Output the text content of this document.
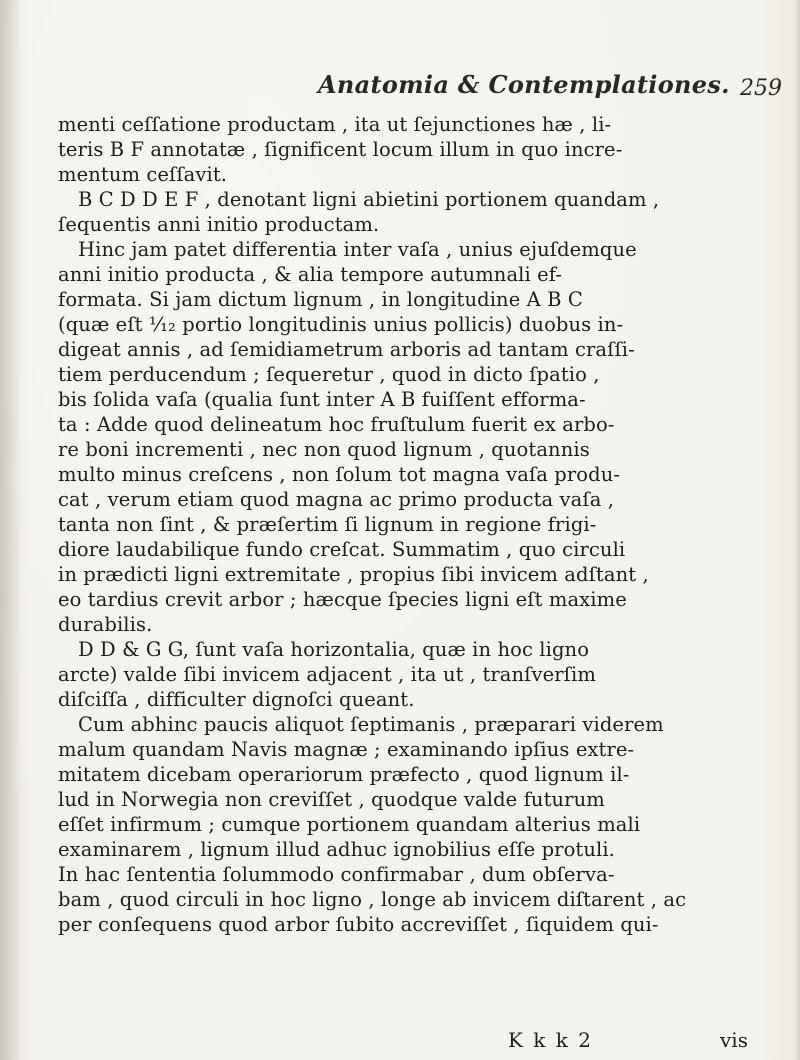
Anatomia & Contemplationes. 259
menti ceſſatione productam , ita ut ſejunctiones hæ , li-
teris B F annotatæ , ſignificent locum illum in quo incre-
mentum ceſſavit.
B C D D E F , denotant ligni abietini portionem quandam ,
ſequentis anni initio productam.
Hinc jam patet differentia inter vaſa , unius ejuſdemque
anni initio producta , & alia tempore autumnali ef-
formata. Si jam dictum lignum , in longitudine A B C
(quæ eſt ¹⁄₁₂ portio longitudinis unius pollicis) duobus in-
digeat annis , ad ſemidiametrum arboris ad tantam craſſi-
tiem perducendum ; ſequeretur , quod in dicto ſpatio ,
bis ſolida vaſa (qualia ſunt inter A B fuiſſent efforma-
ta : Adde quod delineatum hoc fruſtulum fuerit ex arbo-
re boni incrementi , nec non quod lignum , quotannis
multo minus creſcens , non ſolum tot magna vaſa produ-
cat , verum etiam quod magna ac primo producta vaſa ,
tanta non ſint , & præſertim ſi lignum in regione frigi-
diore laudabilique fundo creſcat. Summatim , quo circuli
in prædicti ligni extremitate , propius ſibi invicem adſtant ,
eo tardius crevit arbor ; hæcque ſpecies ligni eſt maxime
durabilis.
D D & G G, ſunt vaſa horizontalia, quæ in hoc ligno
arcte) valde ſibi invicem adjacent , ita ut , tranſverſim
diſciſſa , difficulter dignoſci queant.
Cum abhinc paucis aliquot ſeptimanis , præparari viderem
malum quandam Navis magnæ ; examinando ipſius extre-
mitatem dicebam operariorum præfecto , quod lignum il-
lud in Norwegia non creviſſet , quodque valde futurum
eſſet infirmum ; cumque portionem quandam alterius mali
examinarem , lignum illud adhuc ignobilius eſſe protuli.
In hac ſententia ſolummodo confirmabar , dum obſerva-
bam , quod circuli in hoc ligno , longe ab invicem diſtarent , ac
per conſequens quod arbor ſubito accreviſſet , ſiquidem qui-
K k k 2	vis
